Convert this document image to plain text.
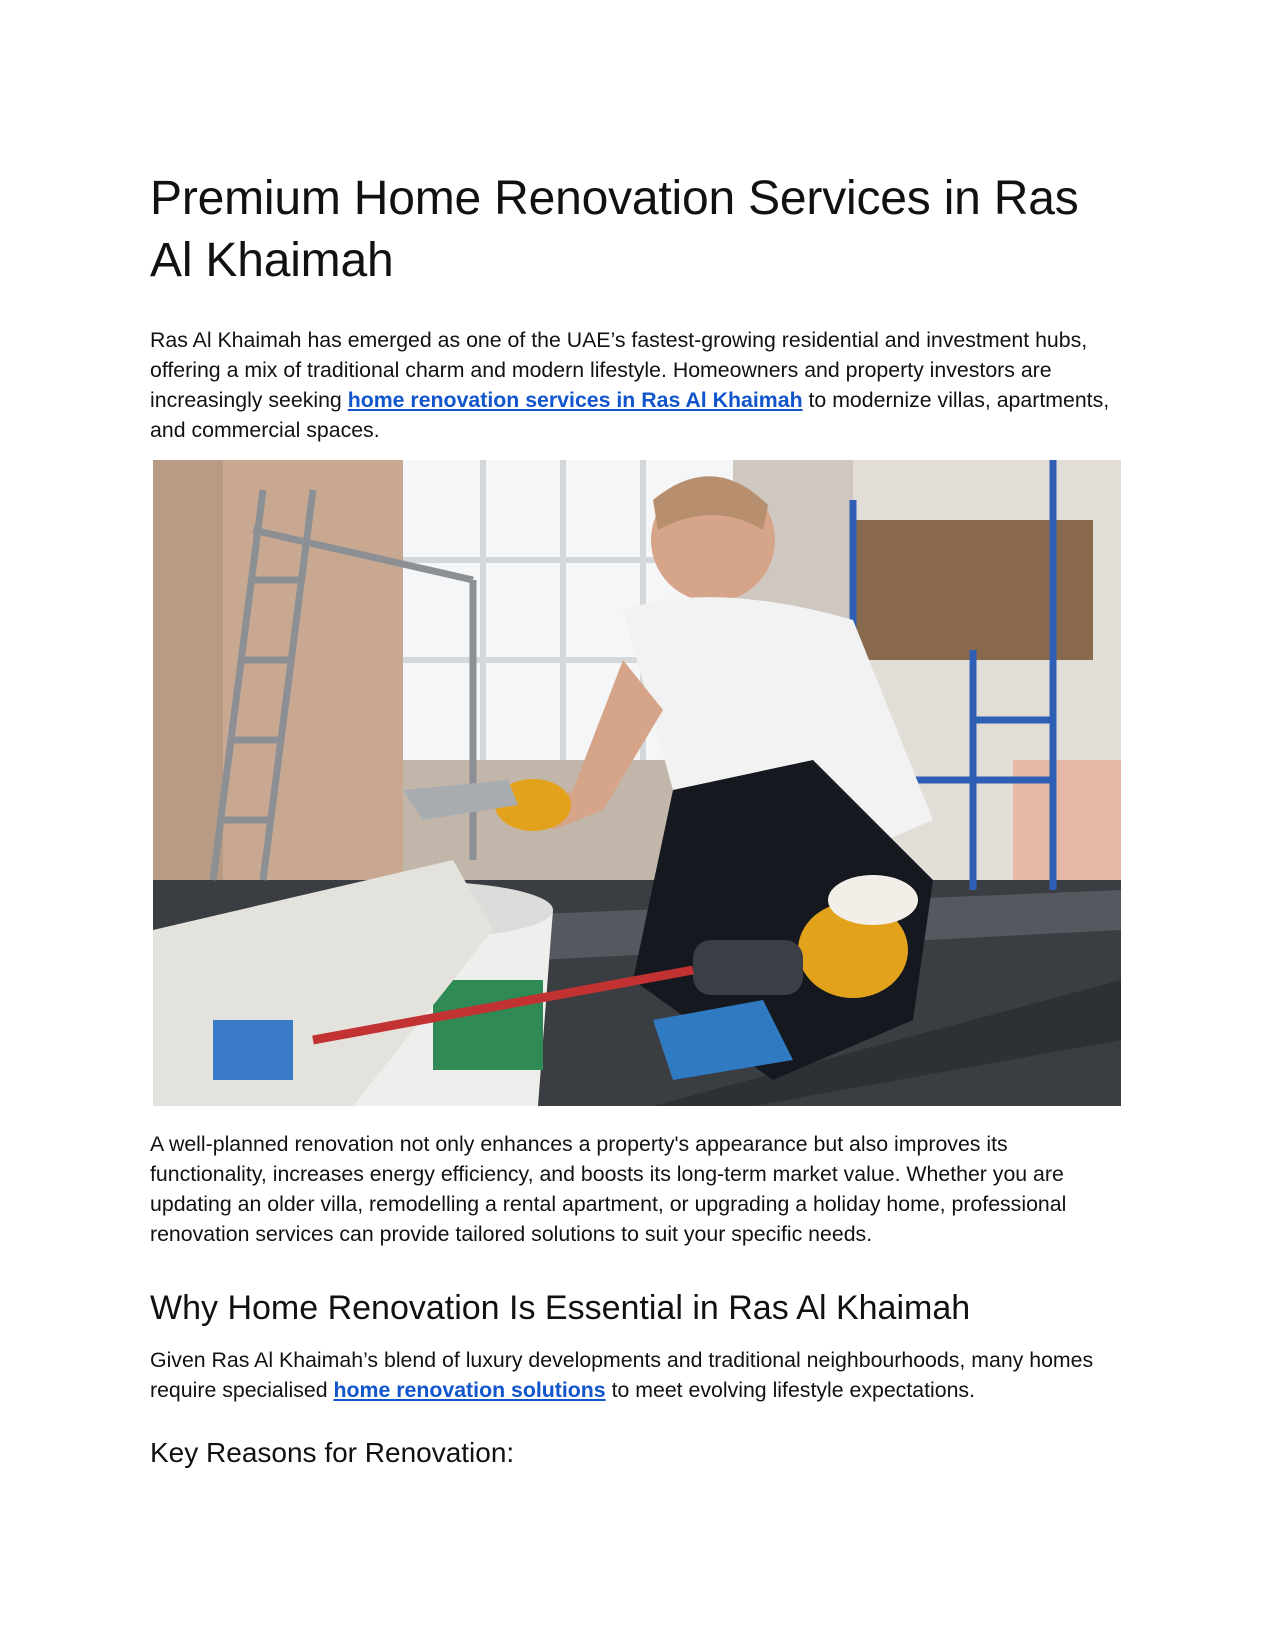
Premium Home Renovation Services in Ras Al Khaimah

Ras Al Khaimah has emerged as one of the UAE’s fastest-growing residential and investment hubs, offering a mix of traditional charm and modern lifestyle. Homeowners and property investors are increasingly seeking home renovation services in Ras Al Khaimah to modernize villas, apartments, and commercial spaces.

A well-planned renovation not only enhances a property's appearance but also improves its functionality, increases energy efficiency, and boosts its long-term market value. Whether you are updating an older villa, remodelling a rental apartment, or upgrading a holiday home, professional renovation services can provide tailored solutions to suit your specific needs.

Why Home Renovation Is Essential in Ras Al Khaimah

Given Ras Al Khaimah’s blend of luxury developments and traditional neighbourhoods, many homes require specialised home renovation solutions to meet evolving lifestyle expectations.

Key Reasons for Renovation:
